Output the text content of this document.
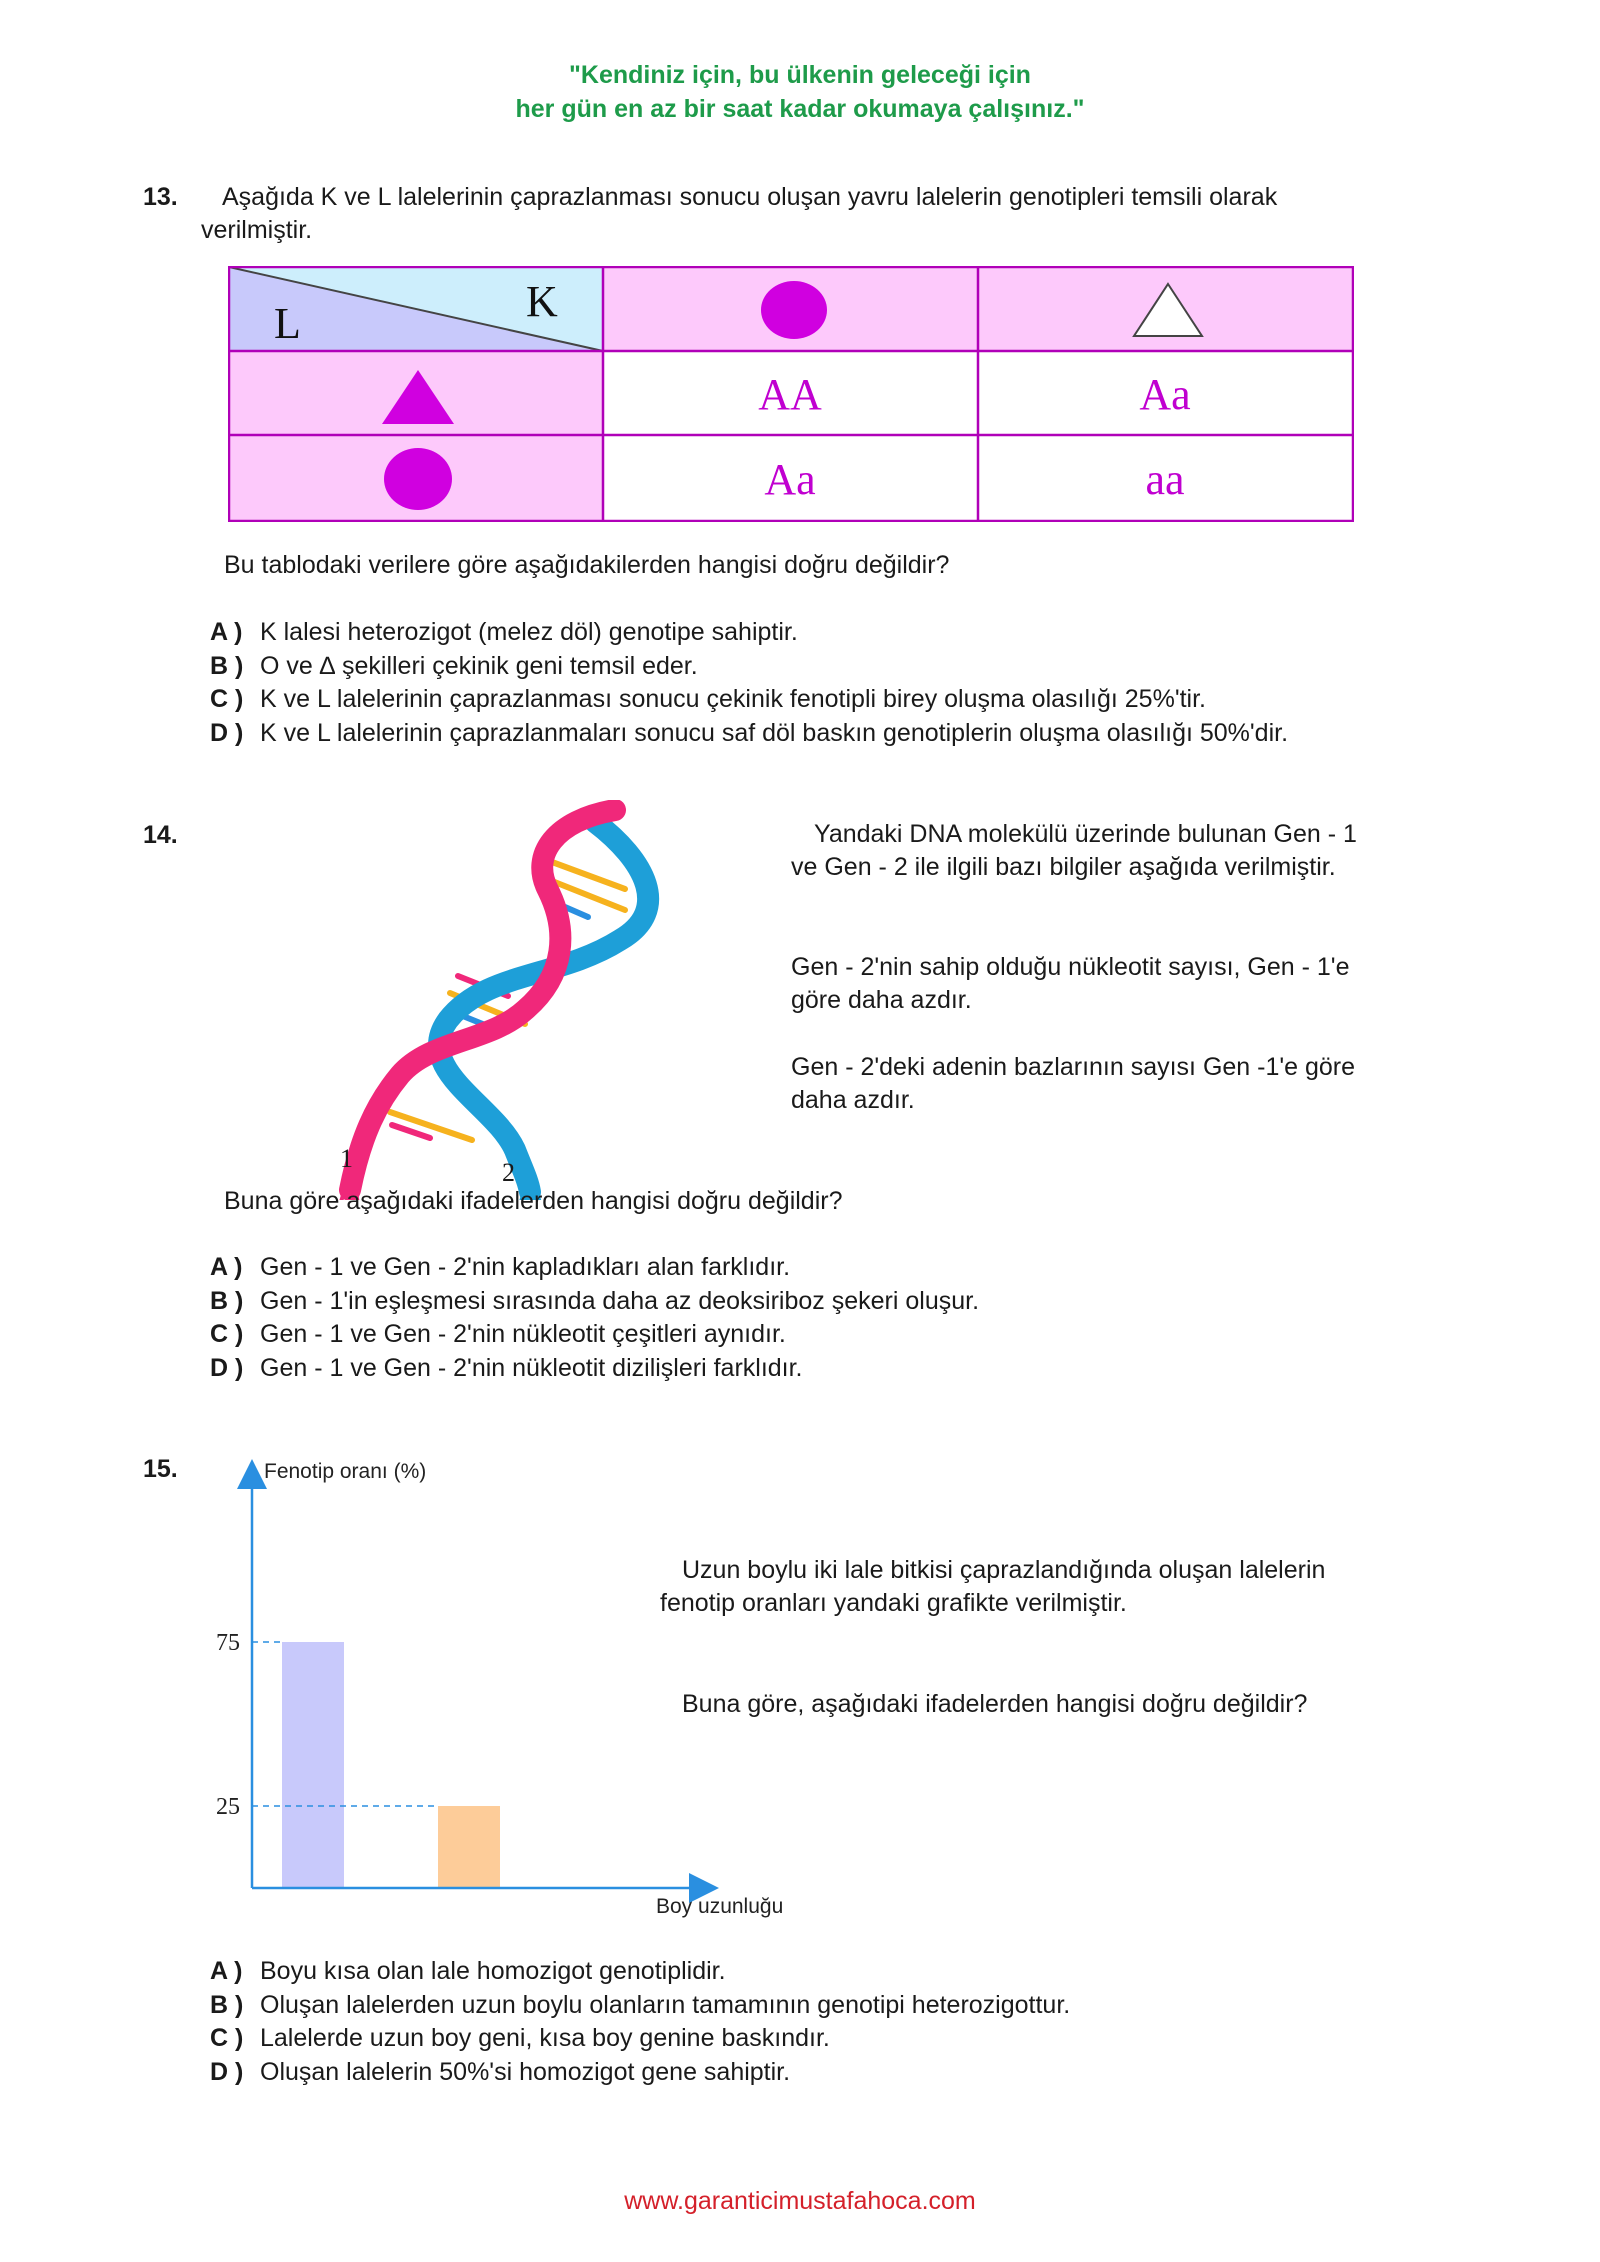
"Kendiniz için, bu ülkenin geleceği için
her gün en az bir saat kadar okumaya çalışınız."
13. Aşağıda K ve L lalelerinin çaprazlanması sonucu oluşan yavru lalelerin genotipleri temsili olarak
verilmiştir.
L	K
AA	Aa
Aa	aa
Bu tablodaki verilere göre aşağıdakilerden hangisi doğru değildir?
A ) K lalesi heterozigot (melez döl) genotipe sahiptir.
B ) O ve ∆ şekilleri çekinik geni temsil eder.
C ) K ve L lalelerinin çaprazlanması sonucu çekinik fenotipli birey oluşma olasılığı 25%'tir.
D ) K ve L lalelerinin çaprazlanmaları sonucu saf döl baskın genotiplerin oluşma olasılığı 50%'dir.
14.
1	2
Yandaki DNA molekülü üzerinde bulunan Gen - 1
ve Gen - 2 ile ilgili bazı bilgiler aşağıda verilmiştir.
Gen - 2'nin sahip olduğu nükleotit sayısı, Gen - 1'e
göre daha azdır.
Gen - 2'deki adenin bazlarının sayısı Gen -1'e göre
daha azdır.
Buna göre aşağıdaki ifadelerden hangisi doğru değildir?
A ) Gen - 1 ve Gen - 2'nin kapladıkları alan farklıdır.
B ) Gen - 1'in eşleşmesi sırasında daha az deoksiriboz şekeri oluşur.
C ) Gen - 1 ve Gen - 2'nin nükleotit çeşitleri aynıdır.
D ) Gen - 1 ve Gen - 2'nin nükleotit dizilişleri farklıdır.
15.	Fenotip oranı (%)
Boy uzunluğu
25
75
Uzun boylu iki lale bitkisi çaprazlandığında oluşan lalelerin
fenotip oranları yandaki grafikte verilmiştir.
Buna göre, aşağıdaki ifadelerden hangisi doğru değildir?
A ) Boyu kısa olan lale homozigot genotiplidir.
B ) Oluşan lalelerden uzun boylu olanların tamamının genotipi heterozigottur.
C ) Lalelerde uzun boy geni, kısa boy genine baskındır.
D ) Oluşan lalelerin 50%'si homozigot gene sahiptir.
www.garanticimustafahoca.com
